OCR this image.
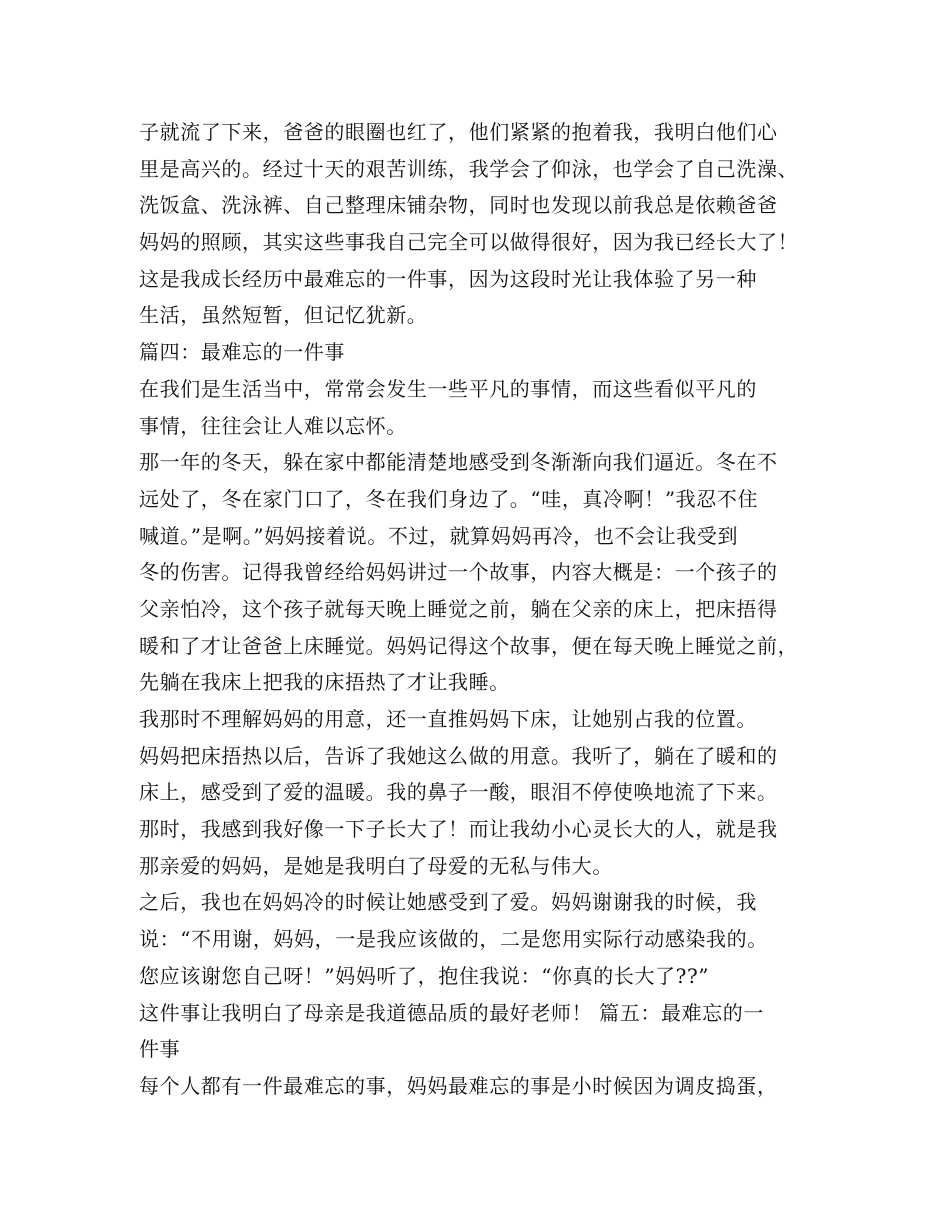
子就流了下来，爸爸的眼圈也红了，他们紧紧的抱着我，我明白他们心
里是高兴的。经过十天的艰苦训练，我学会了仰泳，也学会了自己洗澡、
洗饭盒、洗泳裤、自己整理床铺杂物，同时也发现以前我总是依赖爸爸
妈妈的照顾，其实这些事我自己完全可以做得很好，因为我已经长大了！
这是我成长经历中最难忘的一件事，因为这段时光让我体验了另一种
生活，虽然短暂，但记忆犹新。
篇四：最难忘的一件事
在我们是生活当中，常常会发生一些平凡的事情，而这些看似平凡的
事情，往往会让人难以忘怀。
那一年的冬天，躲在家中都能清楚地感受到冬渐渐向我们逼近。冬在不
远处了，冬在家门口了，冬在我们身边了。“哇，真冷啊！”我忍不住
喊道。”是啊。”妈妈接着说。不过，就算妈妈再冷，也不会让我受到
冬的伤害。记得我曾经给妈妈讲过一个故事，内容大概是：一个孩子的
父亲怕冷，这个孩子就每天晚上睡觉之前，躺在父亲的床上，把床捂得
暖和了才让爸爸上床睡觉。妈妈记得这个故事，便在每天晚上睡觉之前，
先躺在我床上把我的床捂热了才让我睡。
我那时不理解妈妈的用意，还一直推妈妈下床，让她别占我的位置。
妈妈把床捂热以后，告诉了我她这么做的用意。我听了，躺在了暖和的
床上，感受到了爱的温暖。我的鼻子一酸，眼泪不停使唤地流了下来。
那时，我感到我好像一下子长大了！而让我幼小心灵长大的人，就是我
那亲爱的妈妈，是她是我明白了母爱的无私与伟大。
之后，我也在妈妈冷的时候让她感受到了爱。妈妈谢谢我的时候，我
说：“不用谢，妈妈，一是我应该做的，二是您用实际行动感染我的。
您应该谢您自己呀！”妈妈听了，抱住我说：“你真的长大了??”
这件事让我明白了母亲是我道德品质的最好老师！ 篇五：最难忘的一
件事
每个人都有一件最难忘的事，妈妈最难忘的事是小时候因为调皮捣蛋，
